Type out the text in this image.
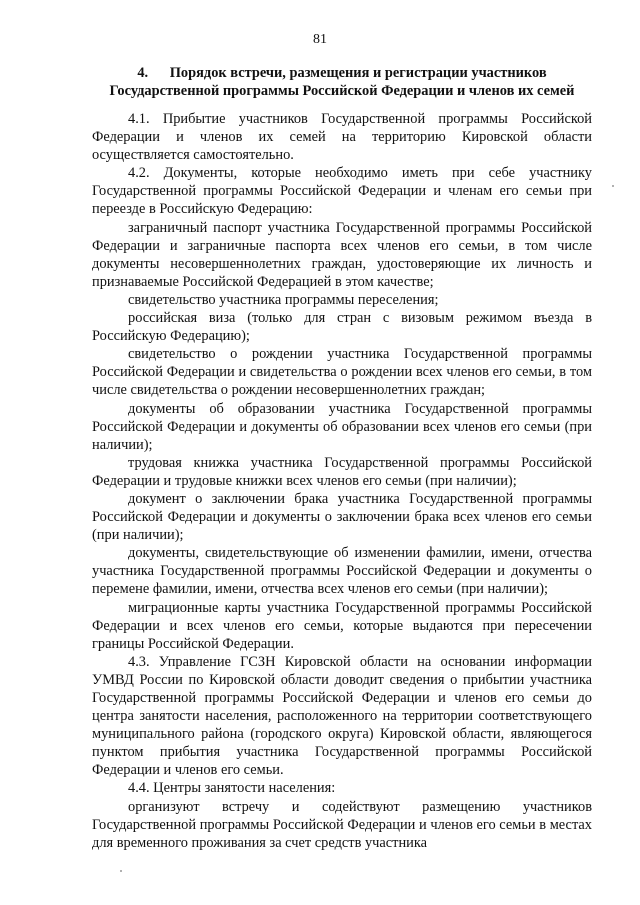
81
4.      Порядок встречи, размещения и регистрации участников
Государственной программы Российской Федерации и членов их семей

4.1. Прибытие участников Государственной программы Российской Федерации и членов их семей на территорию Кировской области осуществляется самостоятельно.

4.2. Документы, которые необходимо иметь при себе участнику Государственной программы Российской Федерации и членам его семьи при переезде в Российскую Федерацию:

заграничный паспорт участника Государственной программы Российской Федерации и заграничные паспорта всех членов его семьи, в том числе документы несовершеннолетних граждан, удостоверяющие их личность и признаваемые Российской Федерацией в этом качестве;

свидетельство участника программы переселения;

российская виза (только для стран с визовым режимом въезда в Российскую Федерацию);

свидетельство о рождении участника Государственной программы Российской Федерации и свидетельства о рождении всех членов его семьи, в том числе свидетельства о рождении несовершеннолетних граждан;

документы об образовании участника Государственной программы Российской Федерации и документы об образовании всех членов его семьи (при наличии);

трудовая книжка участника Государственной программы Российской Федерации и трудовые книжки всех членов его семьи (при наличии);

документ о заключении брака участника Государственной программы Российской Федерации и документы о заключении брака всех членов его семьи (при наличии);

документы, свидетельствующие об изменении фамилии, имени, отчества участника Государственной программы Российской Федерации и документы о перемене фамилии, имени, отчества всех членов его семьи (при наличии);

миграционные карты участника Государственной программы Российской Федерации и всех членов его семьи, которые выдаются при пересечении границы Российской Федерации.

4.3. Управление ГСЗН Кировской области на основании информации УМВД России по Кировской области доводит сведения о прибытии участника Государственной программы Российской Федерации и членов его семьи до центра занятости населения, расположенного на территории соответствующего муниципального района (городского округа) Кировской области, являющегося пунктом прибытия участника Государственной программы Российской Федерации и членов его семьи.

4.4. Центры занятости населения:

организуют встречу и содействуют размещению участников Государственной программы Российской Федерации и членов его семьи в местах для временного проживания за счет средств участника
